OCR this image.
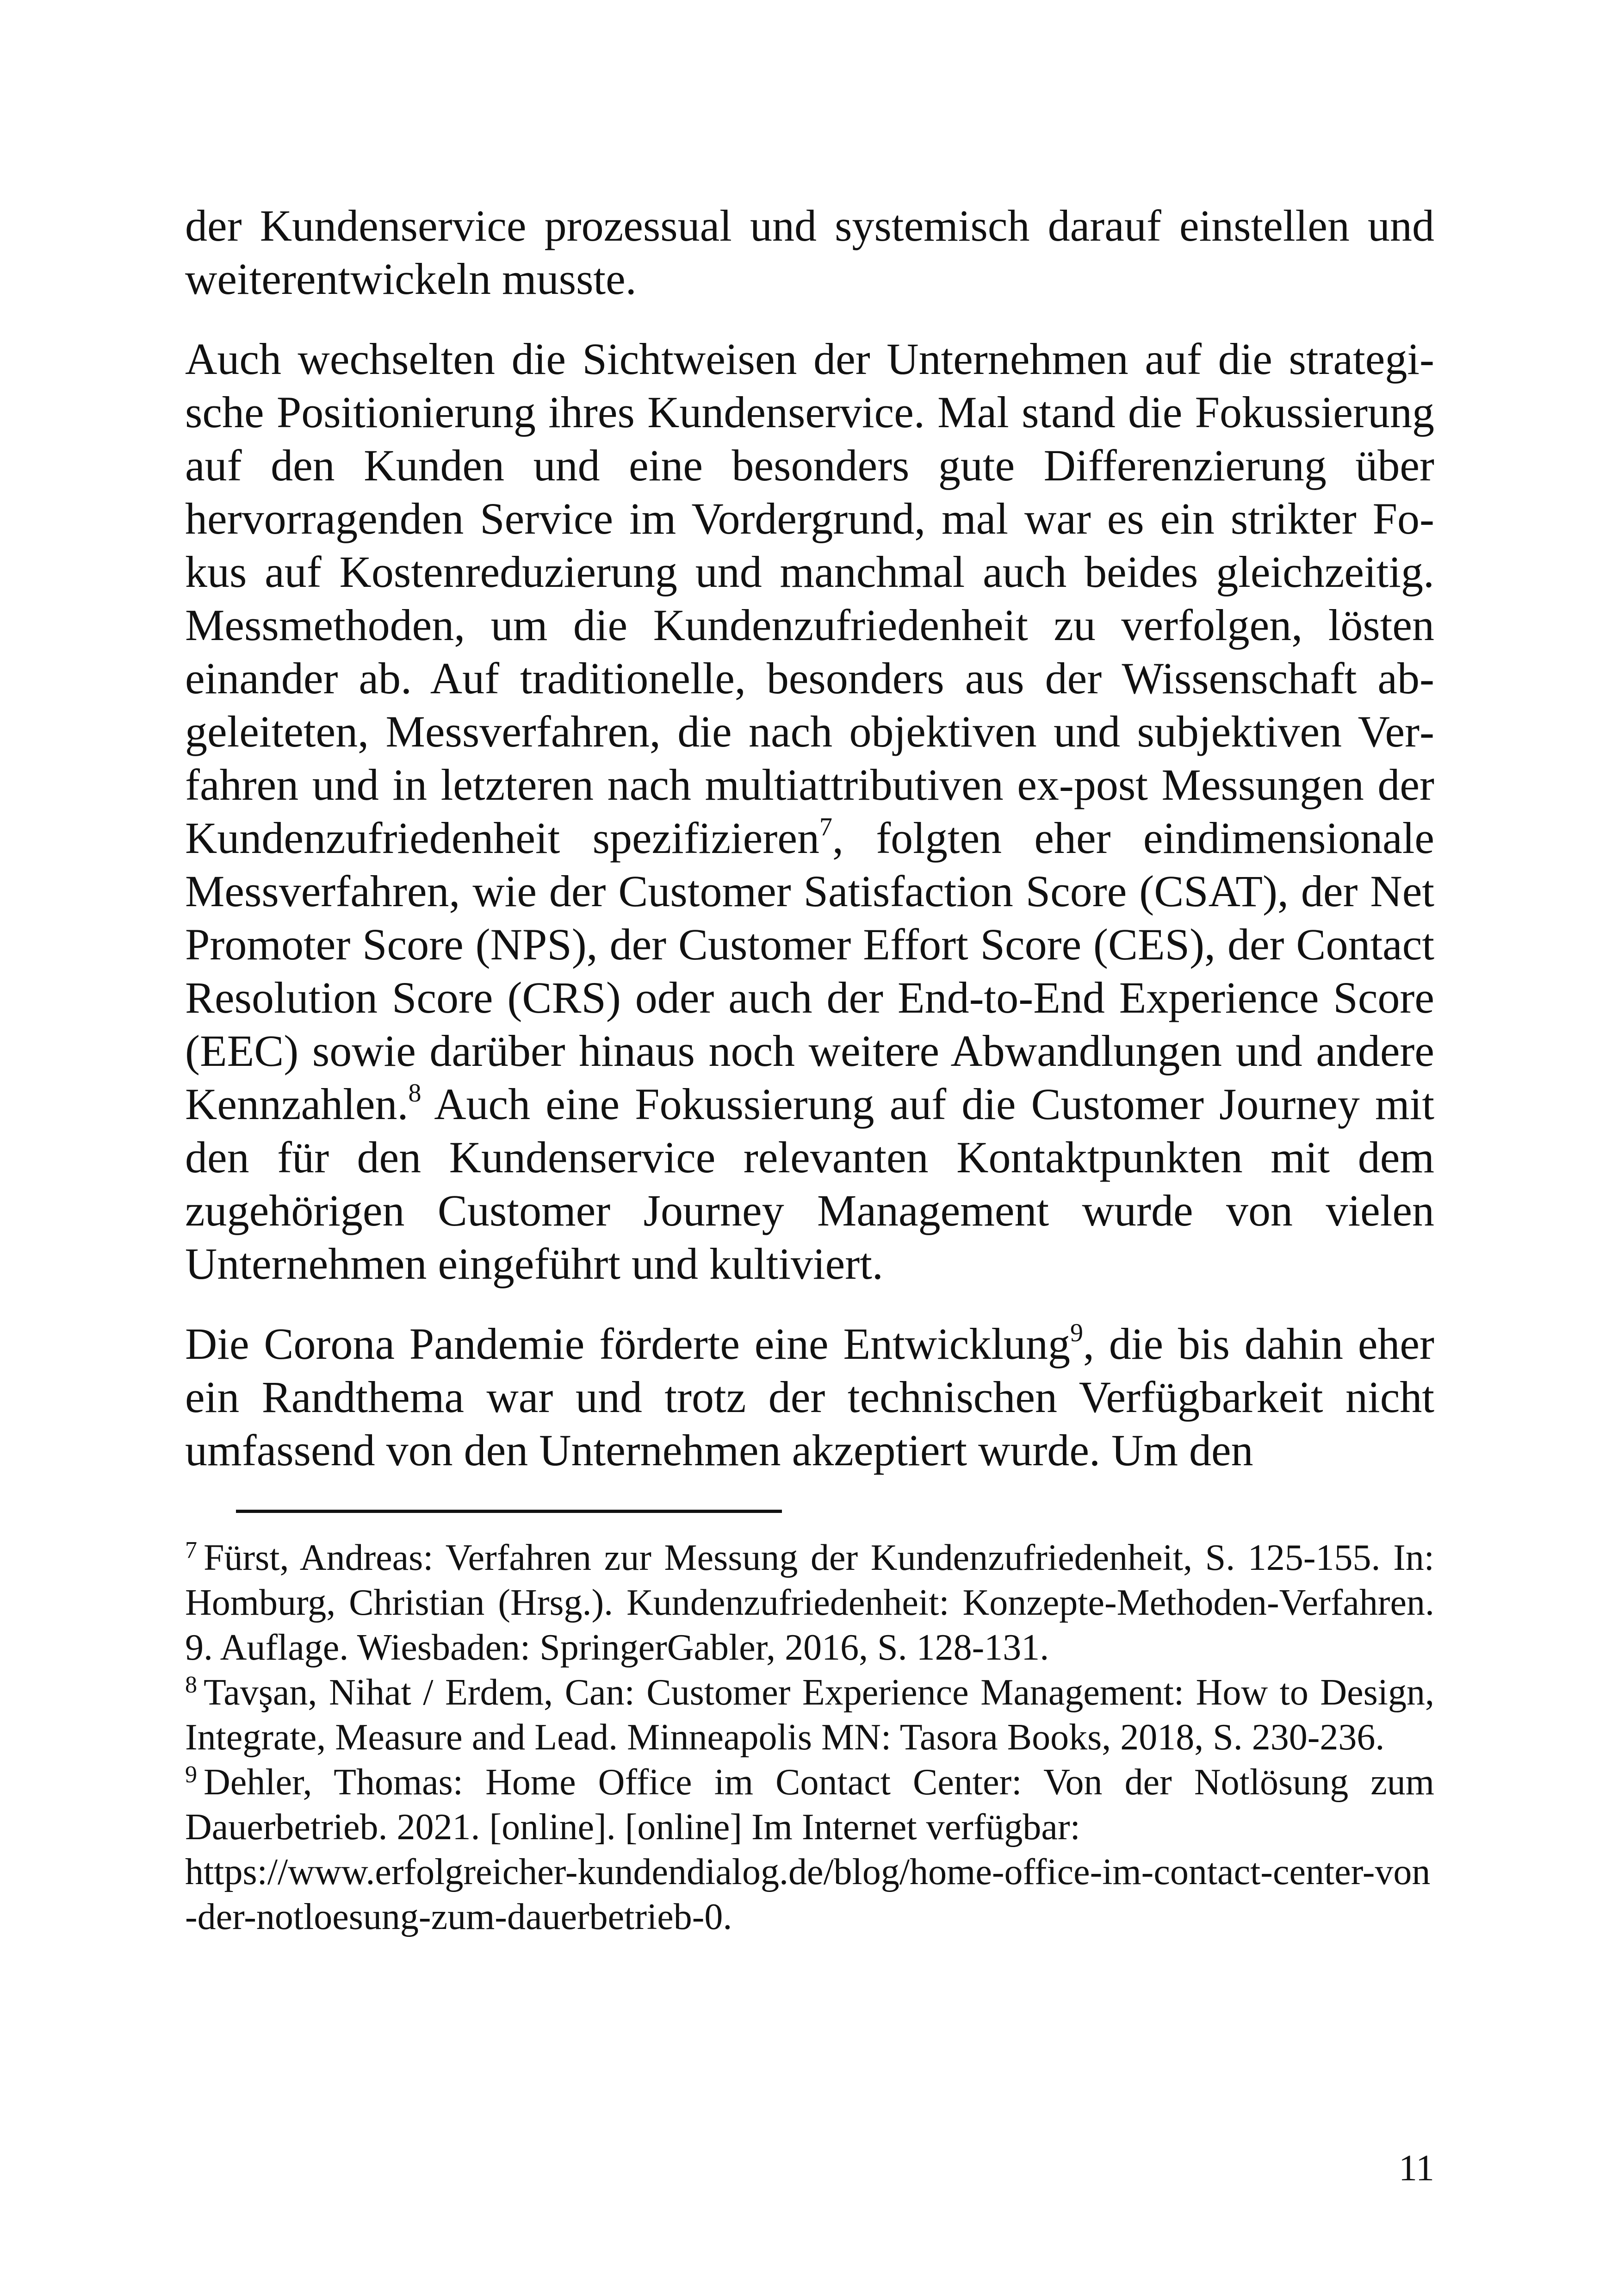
der Kundenservice prozessual und systemisch darauf einstellen und weiterentwickeln musste.

Auch wechselten die Sichtweisen der Unternehmen auf die strategische Positionierung ihres Kundenservice. Mal stand die Fokussierung auf den Kunden und eine besonders gute Differenzierung über hervorragenden Service im Vordergrund, mal war es ein strikter Fokus auf Kostenreduzierung und manchmal auch beides gleichzeitig. Messmethoden, um die Kundenzufriedenheit zu verfolgen, lösten einander ab. Auf traditionelle, besonders aus der Wissenschaft abgeleiteten, Messverfahren, die nach objektiven und subjektiven Verfahren und in letzteren nach multiattributiven ex-post Messungen der Kundenzufriedenheit spezifizieren$^7$, folgten eher eindimensionale Messverfahren, wie der Customer Satisfaction Score (CSAT), der Net Promoter Score (NPS), der Customer Effort Score (CES), der Contact Resolution Score (CRS) oder auch der End-to-End Experience Score (EEC) sowie darüber hinaus noch weitere Abwandlungen und andere Kennzahlen.$^8$ Auch eine Fokussierung auf die Customer Journey mit den für den Kundenservice relevanten Kontaktpunkten mit dem zugehörigen Customer Journey Management wurde von vielen Unternehmen eingeführt und kultiviert.

Die Corona Pandemie förderte eine Entwicklung$^9$, die bis dahin eher ein Randthema war und trotz der technischen Verfügbarkeit nicht umfassend von den Unternehmen akzeptiert wurde. Um den

$^7$ Fürst, Andreas: Verfahren zur Messung der Kundenzufriedenheit, S. 125-155. In: Homburg, Christian (Hrsg.). Kundenzufriedenheit: Konzepte-Methoden-Verfahren. 9. Auflage. Wiesbaden: SpringerGabler, 2016, S. 128-131.

$^8$ Tavşan, Nihat / Erdem, Can: Customer Experience Management: How to Design, Integrate, Measure and Lead. Minneapolis MN: Tasora Books, 2018, S. 230-236.

$^9$ Dehler, Thomas: Home Office im Contact Center: Von der Notlösung zum Dauerbetrieb. 2021. [online]. [online] Im Internet verfügbar:

https://www.erfolgreicher-kundendialog.de/blog/home-office-im-contact-center-von-der-notloesung-zum-dauerbetrieb-0.

11
